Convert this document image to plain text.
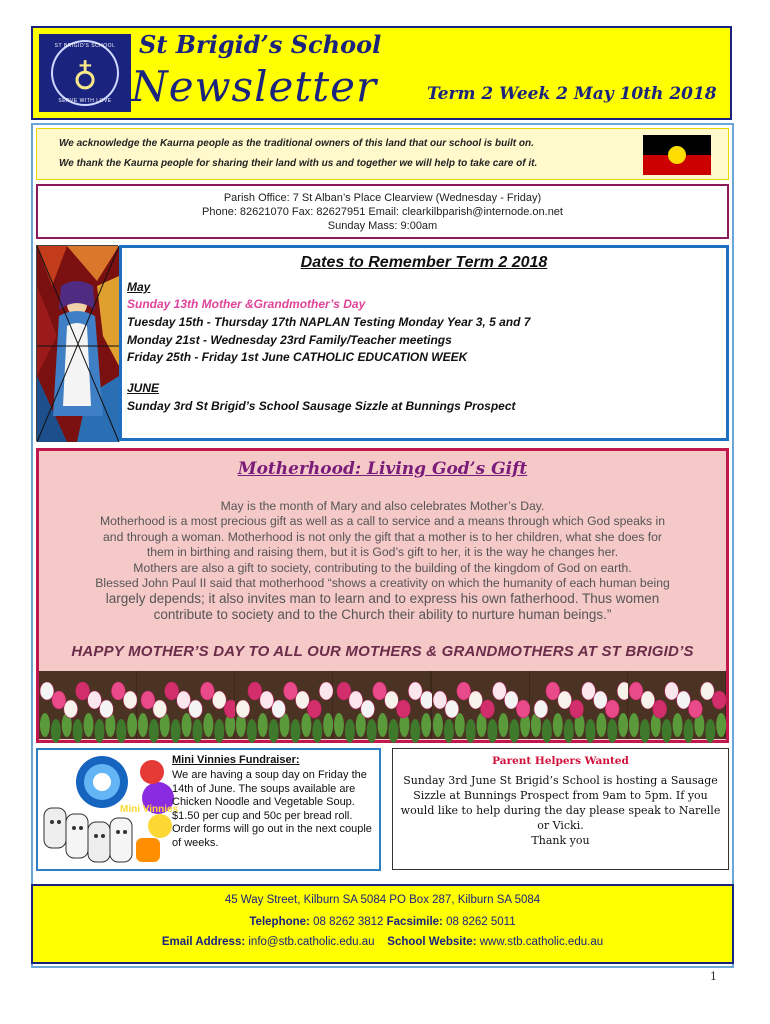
ST BRIGID'S SCHOOL
♁
SERVE WITH LOVE
St Brigid’s School
Newsletter	Term 2 Week 2 May 10th 2018
We acknowledge the Kaurna people as the traditional owners of this land that our school is built on.
We thank the Kaurna people for sharing their land with us and together we will help to take care of it.
Parish Office: 7 St Alban’s Place Clearview (Wednesday - Friday)
Phone: 82621070 Fax: 82627951 Email: clearkilbparish@internode.on.net
Sunday Mass: 9:00am
Dates to Remember Term 2 2018
May
Sunday 13th Mother &Grandmother’s Day
Tuesday 15th - Thursday 17th NAPLAN Testing Monday Year 3, 5 and 7
Monday 21st - Wednesday 23rd Family/Teacher meetings
Friday 25th - Friday 1st June CATHOLIC EDUCATION WEEK
JUNE
Sunday 3rd St Brigid’s School Sausage Sizzle at Bunnings Prospect
Motherhood: Living God’s Gift
May is the month of Mary and also celebrates Mother’s Day.
Motherhood is a most precious gift as well as a call to service and a means through which God speaks in
and through a woman. Motherhood is not only the gift that a mother is to her children, what she does for
them in birthing and raising them, but it is God’s gift to her, it is the way he changes her.
Mothers are also a gift to society, contributing to the building of the kingdom of God on earth.
Blessed John Paul II said that motherhood “shows a creativity on which the humanity of each human being
largely depends; it also invites man to learn and to express his own fatherhood. Thus women
contribute to society and to the Church their ability to nurture human beings.”
HAPPY MOTHER’S DAY TO ALL OUR MOTHERS & GRANDMOTHERS AT ST BRIGID’S
Mini Vinnies
Mini Vinnies Fundraiser:
We are having a soup day on Friday the 14th of June. The soups available are Chicken Noodle and Vegetable Soup. $1.50 per cup and 50c per bread roll. Order forms will go out in the next couple of weeks.
Parent Helpers Wanted
Sunday 3rd June St Brigid’s School is hosting a Sausage Sizzle at Bunnings Prospect from 9am to 5pm. If you would like to help during the day please speak to Narelle or Vicki.
Thank you
45 Way Street, Kilburn SA 5084 PO Box 287, Kilburn SA 5084
Telephone: 08 8262 3812 Facsimile: 08 8262 5011
Email Address: info@stb.catholic.edu.au School Website: www.stb.catholic.edu.au
1
